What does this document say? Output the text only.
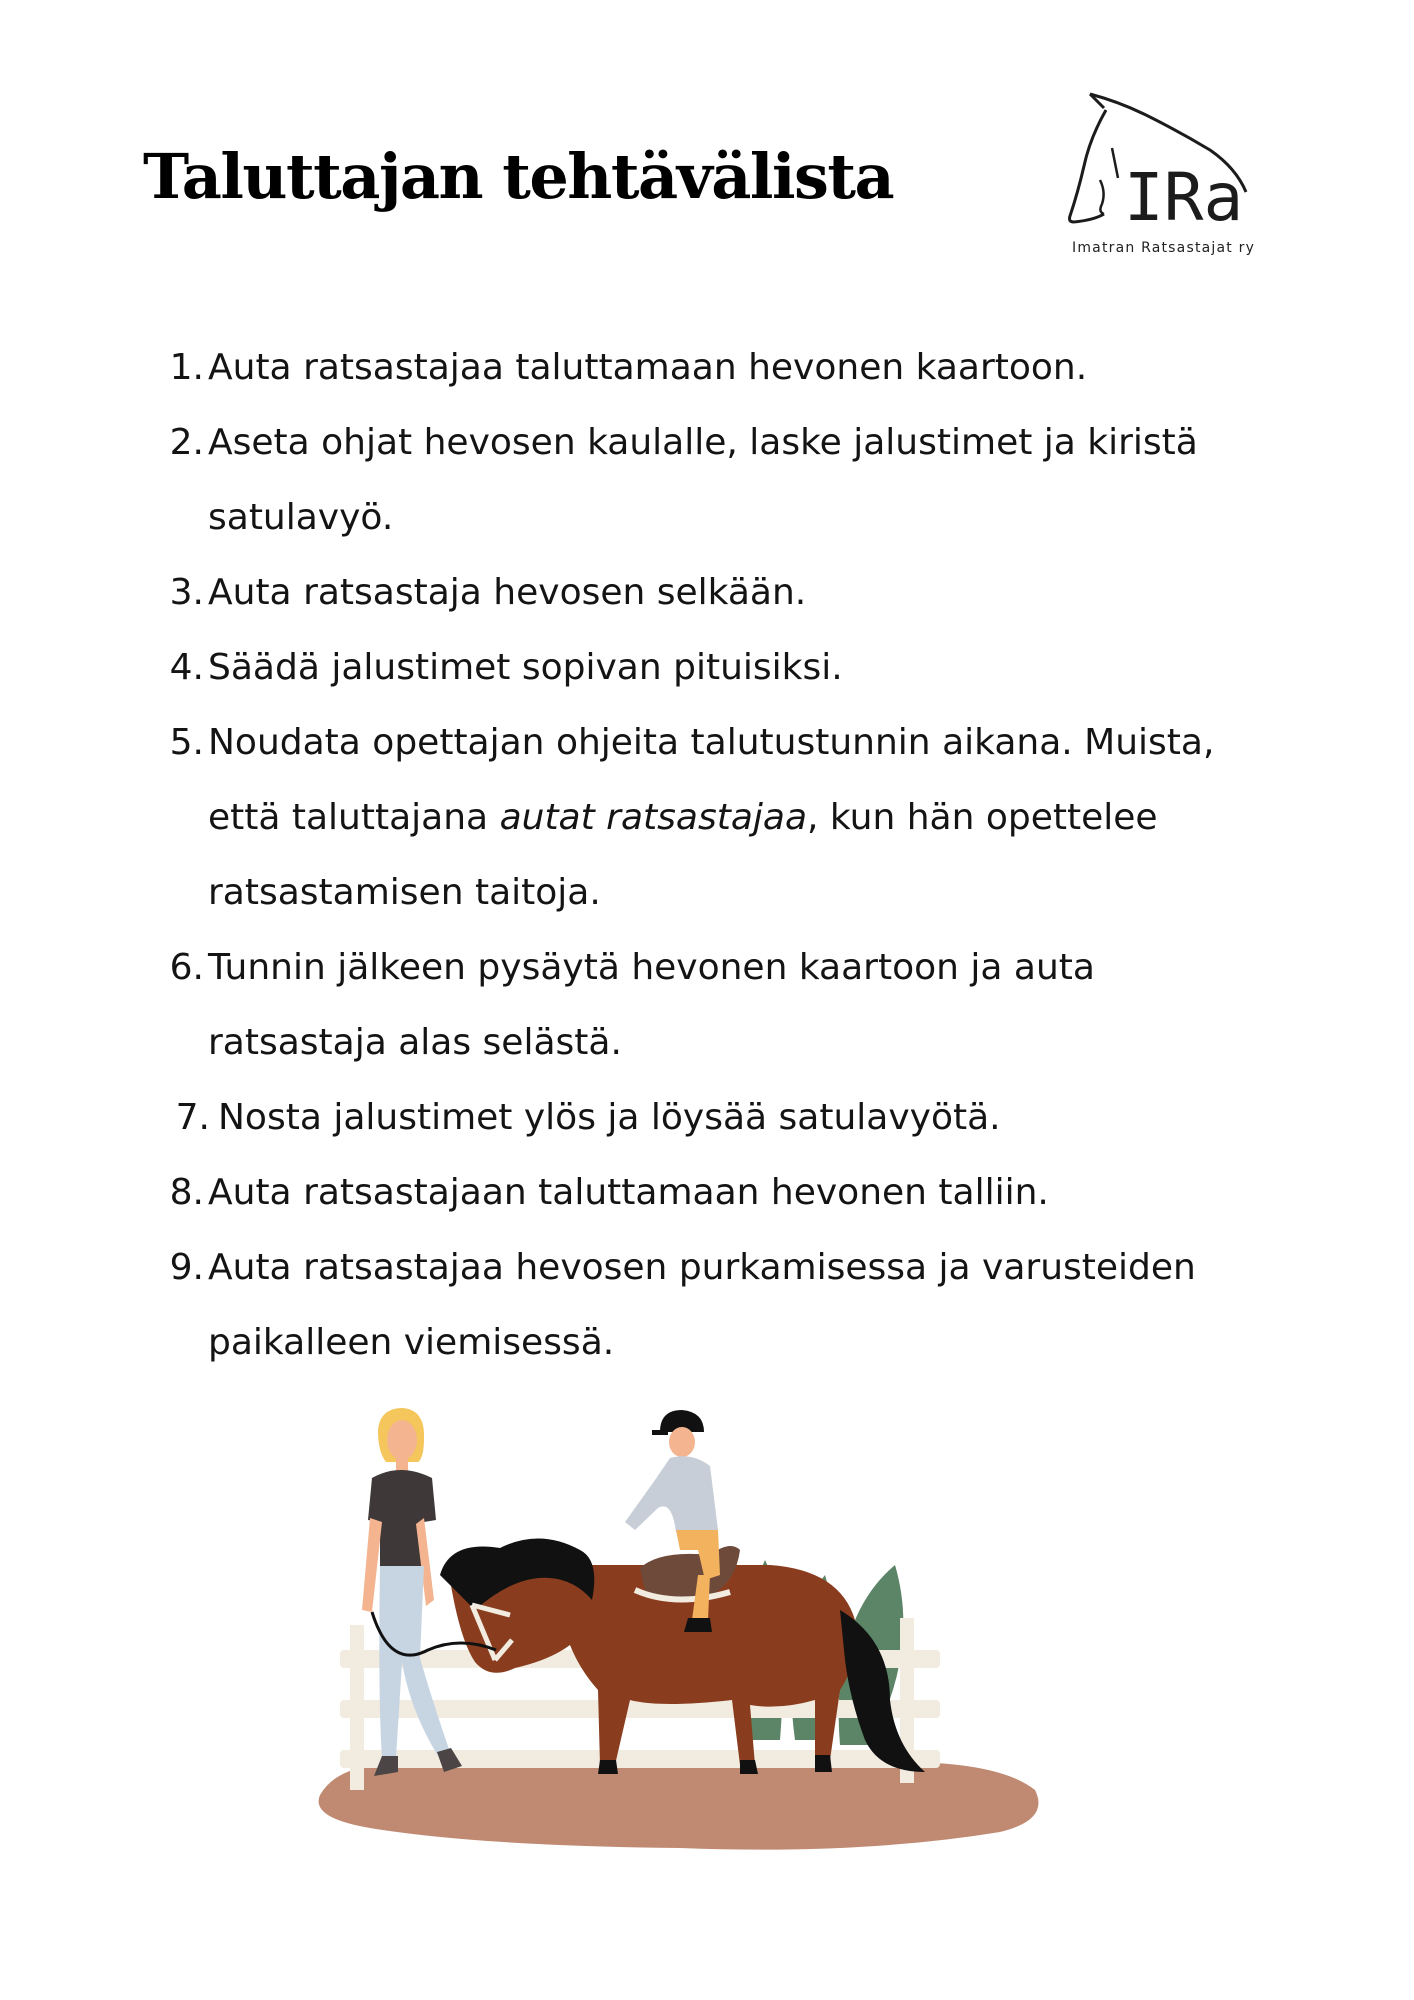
Taluttajan tehtävälista	IRa
Imatran Ratsastajat ry
1. Auta ratsastajaa taluttamaan hevonen kaartoon.
2. Aseta ohjat hevosen kaulalle, laske jalustimet ja kiristä satulavyö.
3. Auta ratsastaja hevosen selkään.
4. Säädä jalustimet sopivan pituisiksi.
5. Noudata opettajan ohjeita talutustunnin aikana. Muista, että taluttajana autat ratsastajaa, kun hän opettelee ratsastamisen taitoja.
6. Tunnin jälkeen pysäytä hevonen kaartoon ja auta ratsastaja alas selästä.
7. Nosta jalustimet ylös ja löysää satulavyötä.
8. Auta ratsastajaan taluttamaan hevonen talliin.
9. Auta ratsastajaa hevosen purkamisessa ja varusteiden paikalleen viemisessä.
